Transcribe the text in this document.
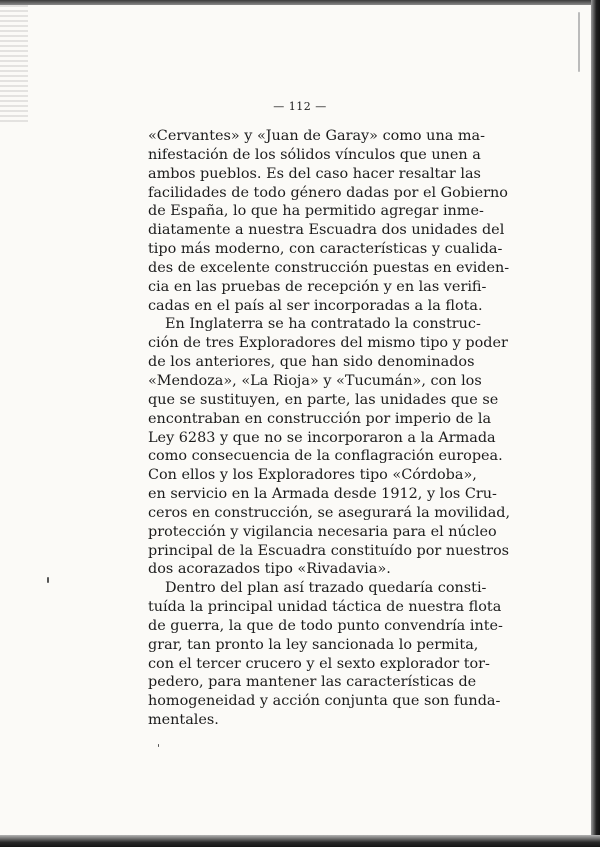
— 112 —
«Cervantes» y «Juan de Garay» como una ma-
nifestación de los sólidos vínculos que unen a
ambos pueblos. Es del caso hacer resaltar las
facilidades de todo género dadas por el Gobierno
de España, lo que ha permitido agregar inme-
diatamente a nuestra Escuadra dos unidades del
tipo más moderno, con características y cualida-
des de excelente construcción puestas en eviden-
cia en las pruebas de recepción y en las verifi-
cadas en el país al ser incorporadas a la flota.
En Inglaterra se ha contratado la construc-
ción de tres Exploradores del mismo tipo y poder
de los anteriores, que han sido denominados
«Mendoza», «La Rioja» y «Tucumán», con los
que se sustituyen, en parte, las unidades que se
encontraban en construcción por imperio de la
Ley 6283 y que no se incorporaron a la Armada
como consecuencia de la conflagración europea.
Con ellos y los Exploradores tipo «Córdoba»,
en servicio en la Armada desde 1912, y los Cru-
ceros en construcción, se asegurará la movilidad,
protección y vigilancia necesaria para el núcleo
principal de la Escuadra constituído por nuestros
dos acorazados tipo «Rivadavia».
Dentro del plan así trazado quedaría consti-
tuída la principal unidad táctica de nuestra flota
de guerra, la que de todo punto convendría inte-
grar, tan pronto la ley sancionada lo permita,
con el tercer crucero y el sexto explorador tor-
pedero, para mantener las características de
homogeneidad y acción conjunta que son funda-
mentales.
